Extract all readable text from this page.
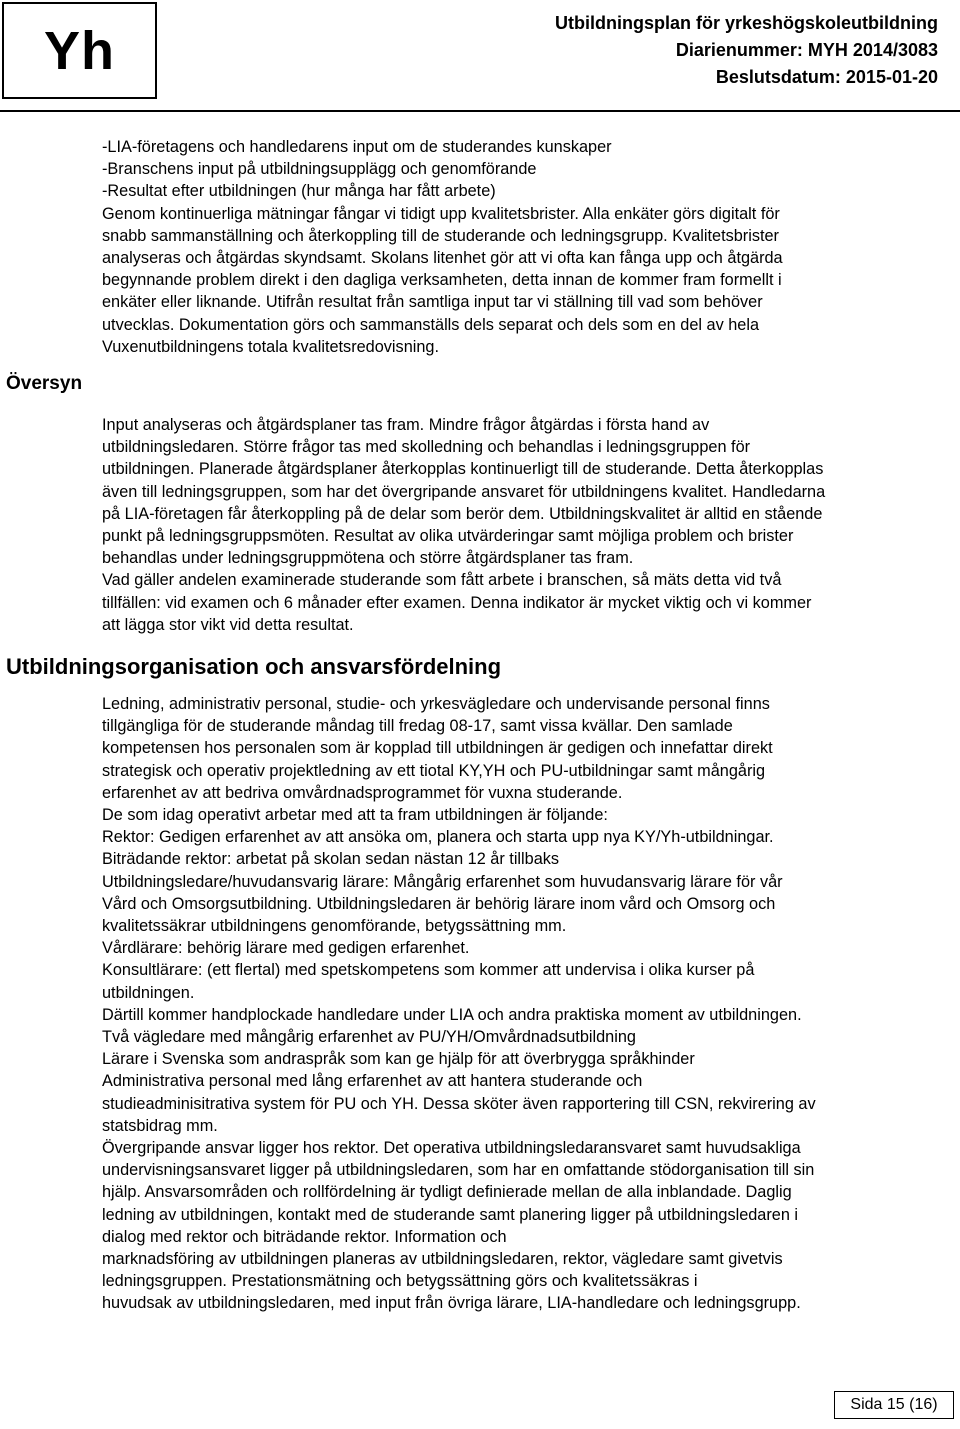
Yh	Utbildningsplan för yrkeshögskoleutbildning
Diarienummer: MYH 2014/3083
Beslutsdatum: 2015-01-20
Översyn

-LIA-företagens och handledarens input om de studerandes kunskaper

-Branschens input på utbildningsupplägg och genomförande

-Resultat efter utbildningen (hur många har fått arbete)

Genom kontinuerliga mätningar fångar vi tidigt upp kvalitetsbrister. Alla enkäter görs digitalt för

snabb sammanställning och återkoppling till de studerande och ledningsgrupp. Kvalitetsbrister

analyseras och åtgärdas skyndsamt. Skolans litenhet gör att vi ofta kan fånga upp och åtgärda

begynnande problem direkt i den dagliga verksamheten, detta innan de kommer fram formellt i

enkäter eller liknande. Utifrån resultat från samtliga input tar vi ställning till vad som behöver

utvecklas. Dokumentation görs och sammanställs dels separat och dels som en del av hela

Vuxenutbildningens totala kvalitetsredovisning.

Input analyseras och åtgärdsplaner tas fram. Mindre frågor åtgärdas i första hand av

utbildningsledaren. Större frågor tas med skolledning och behandlas i ledningsgruppen för

utbildningen. Planerade åtgärdsplaner återkopplas kontinuerligt till de studerande. Detta återkopplas

även till ledningsgruppen, som har det övergripande ansvaret för utbildningens kvalitet. Handledarna

på LIA-företagen får återkoppling på de delar som berör dem. Utbildningskvalitet är alltid en stående

punkt på ledningsgruppsmöten. Resultat av olika utvärderingar samt möjliga problem och brister

behandlas under ledningsgruppmötena och större åtgärdsplaner tas fram.

Vad gäller andelen examinerade studerande som fått arbete i branschen, så mäts detta vid två

tillfällen: vid examen och 6 månader efter examen. Denna indikator är mycket viktig och vi kommer

att lägga stor vikt vid detta resultat.

Utbildningsorganisation och ansvarsfördelning

Ledning, administrativ personal, studie- och yrkesvägledare och undervisande personal finns

tillgängliga för de studerande måndag till fredag 08-17, samt vissa kvällar. Den samlade

kompetensen hos personalen som är kopplad till utbildningen är gedigen och innefattar direkt

strategisk och operativ projektledning av ett tiotal KY,YH och PU-utbildningar samt mångårig

erfarenhet av att bedriva omvårdnadsprogrammet för vuxna studerande.

De som idag operativt arbetar med att ta fram utbildningen är följande:

Rektor: Gedigen erfarenhet av att ansöka om, planera och starta upp nya KY/Yh-utbildningar.

Biträdande rektor: arbetat på skolan sedan nästan 12 år tillbaks

Utbildningsledare/huvudansvarig lärare: Mångårig erfarenhet som huvudansvarig lärare för vår

Vård och Omsorgsutbildning. Utbildningsledaren är behörig lärare inom vård och Omsorg och

kvalitetssäkrar utbildningens genomförande, betygssättning mm.

Vårdlärare: behörig lärare med gedigen erfarenhet.

Konsultlärare: (ett flertal) med spetskompetens som kommer att undervisa i olika kurser på

utbildningen.

Därtill kommer handplockade handledare under LIA och andra praktiska moment av utbildningen.

Två vägledare med mångårig erfarenhet av PU/YH/Omvårdnadsutbildning

Lärare i Svenska som andraspråk som kan ge hjälp för att överbrygga språkhinder

Administrativa personal med lång erfarenhet av att hantera studerande och

studieadminisitrativa system för PU och YH. Dessa sköter även rapportering till CSN, rekvirering av

statsbidrag mm.

Övergripande ansvar ligger hos rektor. Det operativa utbildningsledaransvaret samt huvudsakliga

undervisningsansvaret ligger på utbildningsledaren, som har en omfattande stödorganisation till sin

hjälp. Ansvarsområden och rollfördelning är tydligt definierade mellan de alla inblandade. Daglig

ledning av utbildningen, kontakt med de studerande samt planering ligger på utbildningsledaren i

dialog med rektor och biträdande rektor. Information och

marknadsföring av utbildningen planeras av utbildningsledaren, rektor, vägledare samt givetvis

ledningsgruppen. Prestationsmätning och betygssättning görs och kvalitetssäkras i

huvudsak av utbildningsledaren, med input från övriga lärare, LIA-handledare och ledningsgrupp.

Sida 15 (16)
